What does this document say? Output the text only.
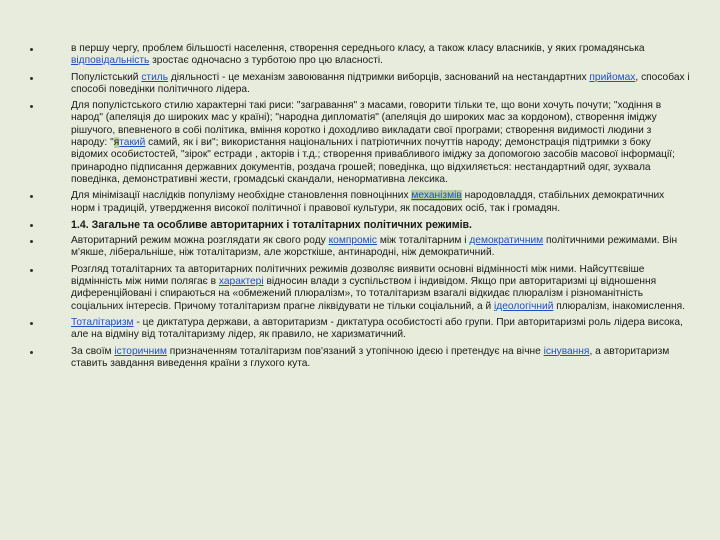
в першу чергу, проблем більшості населення, створення середнього класу, а також класу власників, у яких громадянська відповідальність зростає одночасно з турботою про цю власності.
Популістський стиль діяльності - це механізм завоювання підтримки виборців, заснований на нестандартних прийомах, способах і способі поведінки політичного лідера.
Для популістського стилю характерні такі риси: "загравання" з масами, говорити тільки те, що вони хочуть почути; "ходіння в народ" (апеляція до широких мас у країні); "народна дипломатія" (апеляція до широких мас за кордоном), створення іміджу рішучого, впевненого в собі політика, вміння коротко і доходливо викладати свої програми; створення видимості людини з народу: "ятакий самий, як і ви"; використання національних і патріотичних почуттів народу; демонстрація підтримки з боку відомих особистостей, "зірок" естради , акторів і т.д.; створення привабливого іміджу за допомогою засобів масової інформації; принародно підписання державних документів, роздача грошей; поведінка, що відхиляється: нестандартний одяг, зухвала поведінка, демонстративні жести, громадські скандали, ненормативна лексика.
Для мінімізації наслідків популізму необхідне становлення повноцінних механізмів народовладдя, стабільних демократичних норм і традицій, утвердження високої політичної і правової культури, як посадових осіб, так і громадян.
1.4. Загальне та особливе авторитарних і тоталітарних політичних режимів.
Авторитарний режим можна розглядати як свого роду компроміс між тоталітарним і демократичним політичними режимами. Він м'якше, ліберальніше, ніж тоталітаризм, але жорсткіше, антинародні, ніж демократичний.
Розгляд тоталітарних та авторитарних політичних режимів дозволяє виявити основні відмінності між ними. Найсуттєвіше відмінність між ними полягає в характері відносин влади з суспільством і індивідом. Якщо при авторитаризмі ці відношення диференційовані і спираються на «обмежений плюралізм», то тоталітаризм взагалі відкидає плюралізм і різноманітність соціальних інтересів. Причому тоталітаризм прагне ліквідувати не тільки соціальний, а й ідеологічний плюралізм, інакомислення.
Тоталітаризм - це диктатура держави, а авторитаризм - диктатура особистості або групи. При авторитаризмі роль лідера висока, але на відміну від тоталітаризму лідер, як правило, не харизматичний.
За своїм історичним призначенням тоталітаризм пов'язаний з утопічною ідеєю і претендує на вічне існування, а авторитаризм ставить завдання виведення країни з глухого кута.
